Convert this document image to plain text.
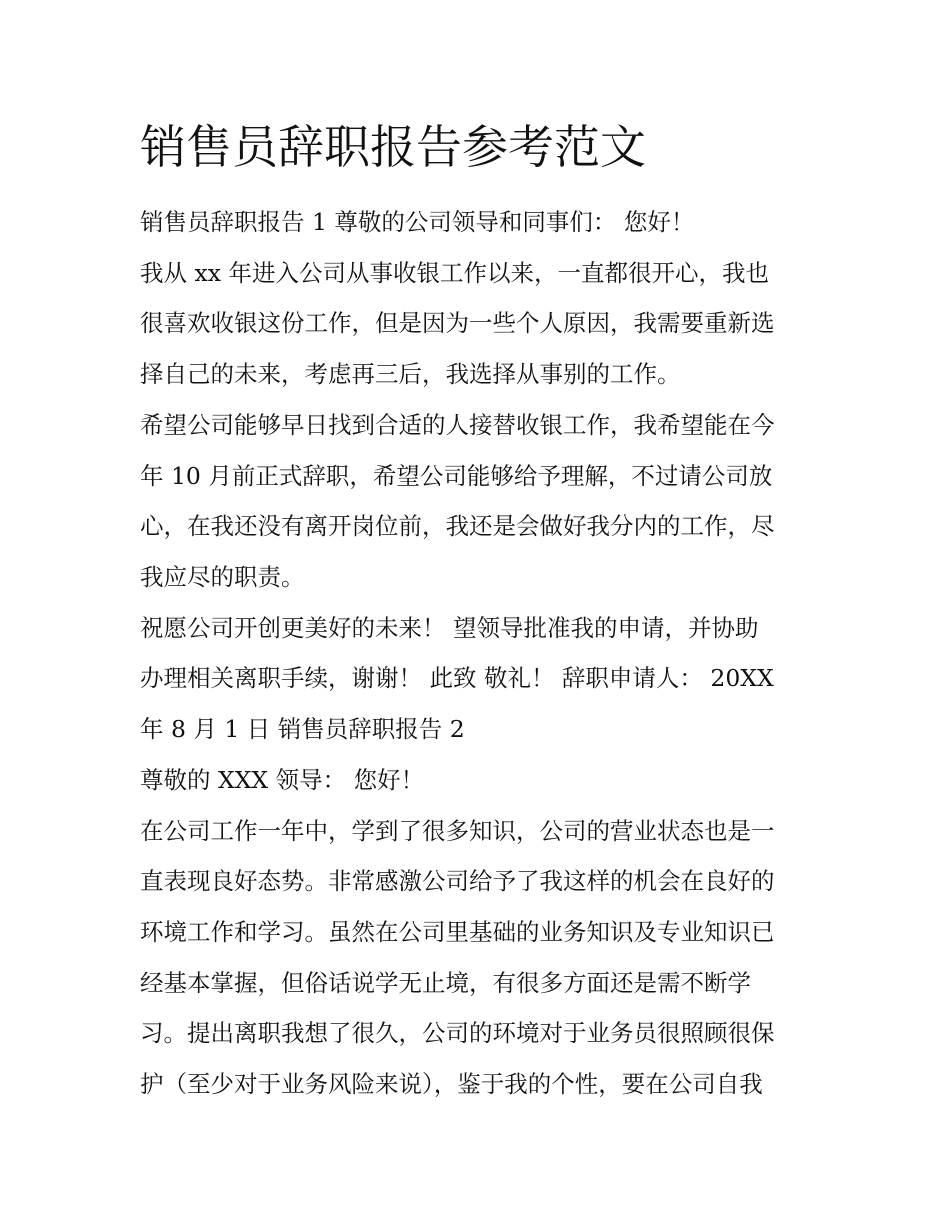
销售员辞职报告参考范文

销售员辞职报告 1 尊敬的公司领导和同事们： 您好！

我从 xx 年进入公司从事收银工作以来，一直都很开心，我也

很喜欢收银这份工作，但是因为一些个人原因，我需要重新选

择自己的未来，考虑再三后，我选择从事别的工作。

希望公司能够早日找到合适的人接替收银工作，我希望能在今

年 10 月前正式辞职，希望公司能够给予理解，不过请公司放

心，在我还没有离开岗位前，我还是会做好我分内的工作，尽

我应尽的职责。

祝愿公司开创更美好的未来！ 望领导批准我的申请，并协助

办理相关离职手续，谢谢！ 此致 敬礼！ 辞职申请人： 20XX

年 8 月 1 日 销售员辞职报告 2

尊敬的 XXX 领导： 您好！

在公司工作一年中，学到了很多知识，公司的营业状态也是一

直表现良好态势。非常感激公司给予了我这样的机会在良好的

环境工作和学习。虽然在公司里基础的业务知识及专业知识已

经基本掌握，但俗话说学无止境，有很多方面还是需不断学

习。提出离职我想了很久，公司的环境对于业务员很照顾很保

护（至少对于业务风险来说），鉴于我的个性，要在公司自我
